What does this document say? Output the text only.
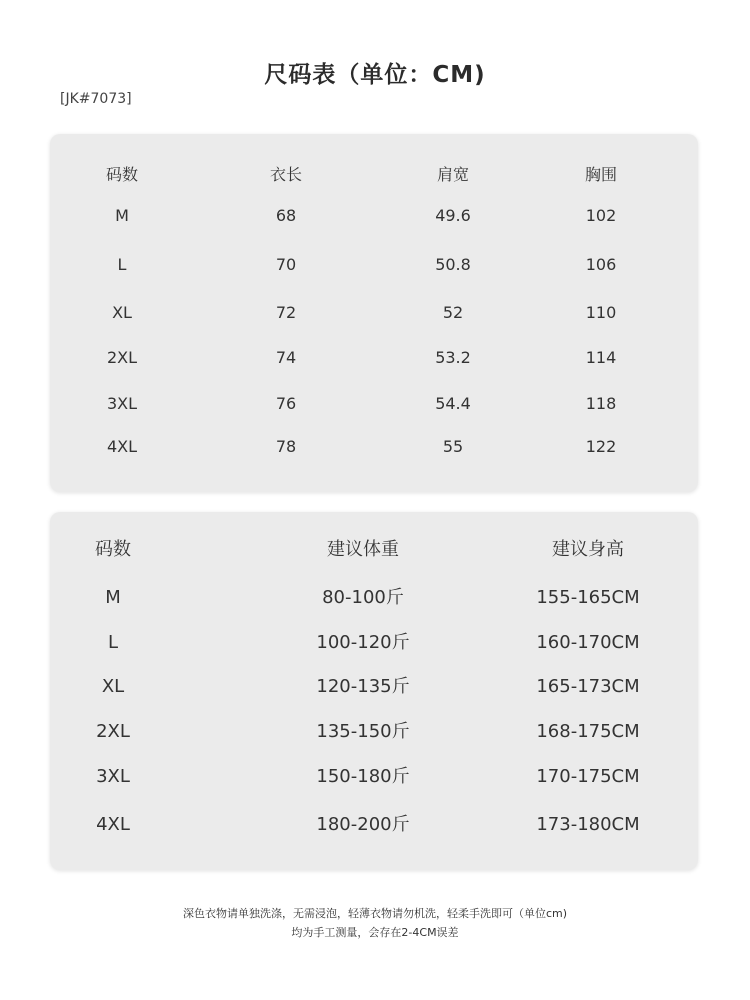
尺码表（单位：CM)
[JK#7073]
码数	衣长	肩宽	胸围
M	68	49.6	102
L	70	50.8	106
XL	72	52	110
2XL	74	53.2	114
3XL	76	54.4	118
4XL	78	55	122
码数	建议体重	建议身高
M	80-100斤	155-165CM
L	100-120斤	160-170CM
XL	120-135斤	165-173CM
2XL	135-150斤	168-175CM
3XL	150-180斤	170-175CM
4XL	180-200斤	173-180CM
深色衣物请单独洗涤，无需浸泡，轻薄衣物请勿机洗，轻柔手洗即可（单位cm)
均为手工测量，会存在2-4CM误差
